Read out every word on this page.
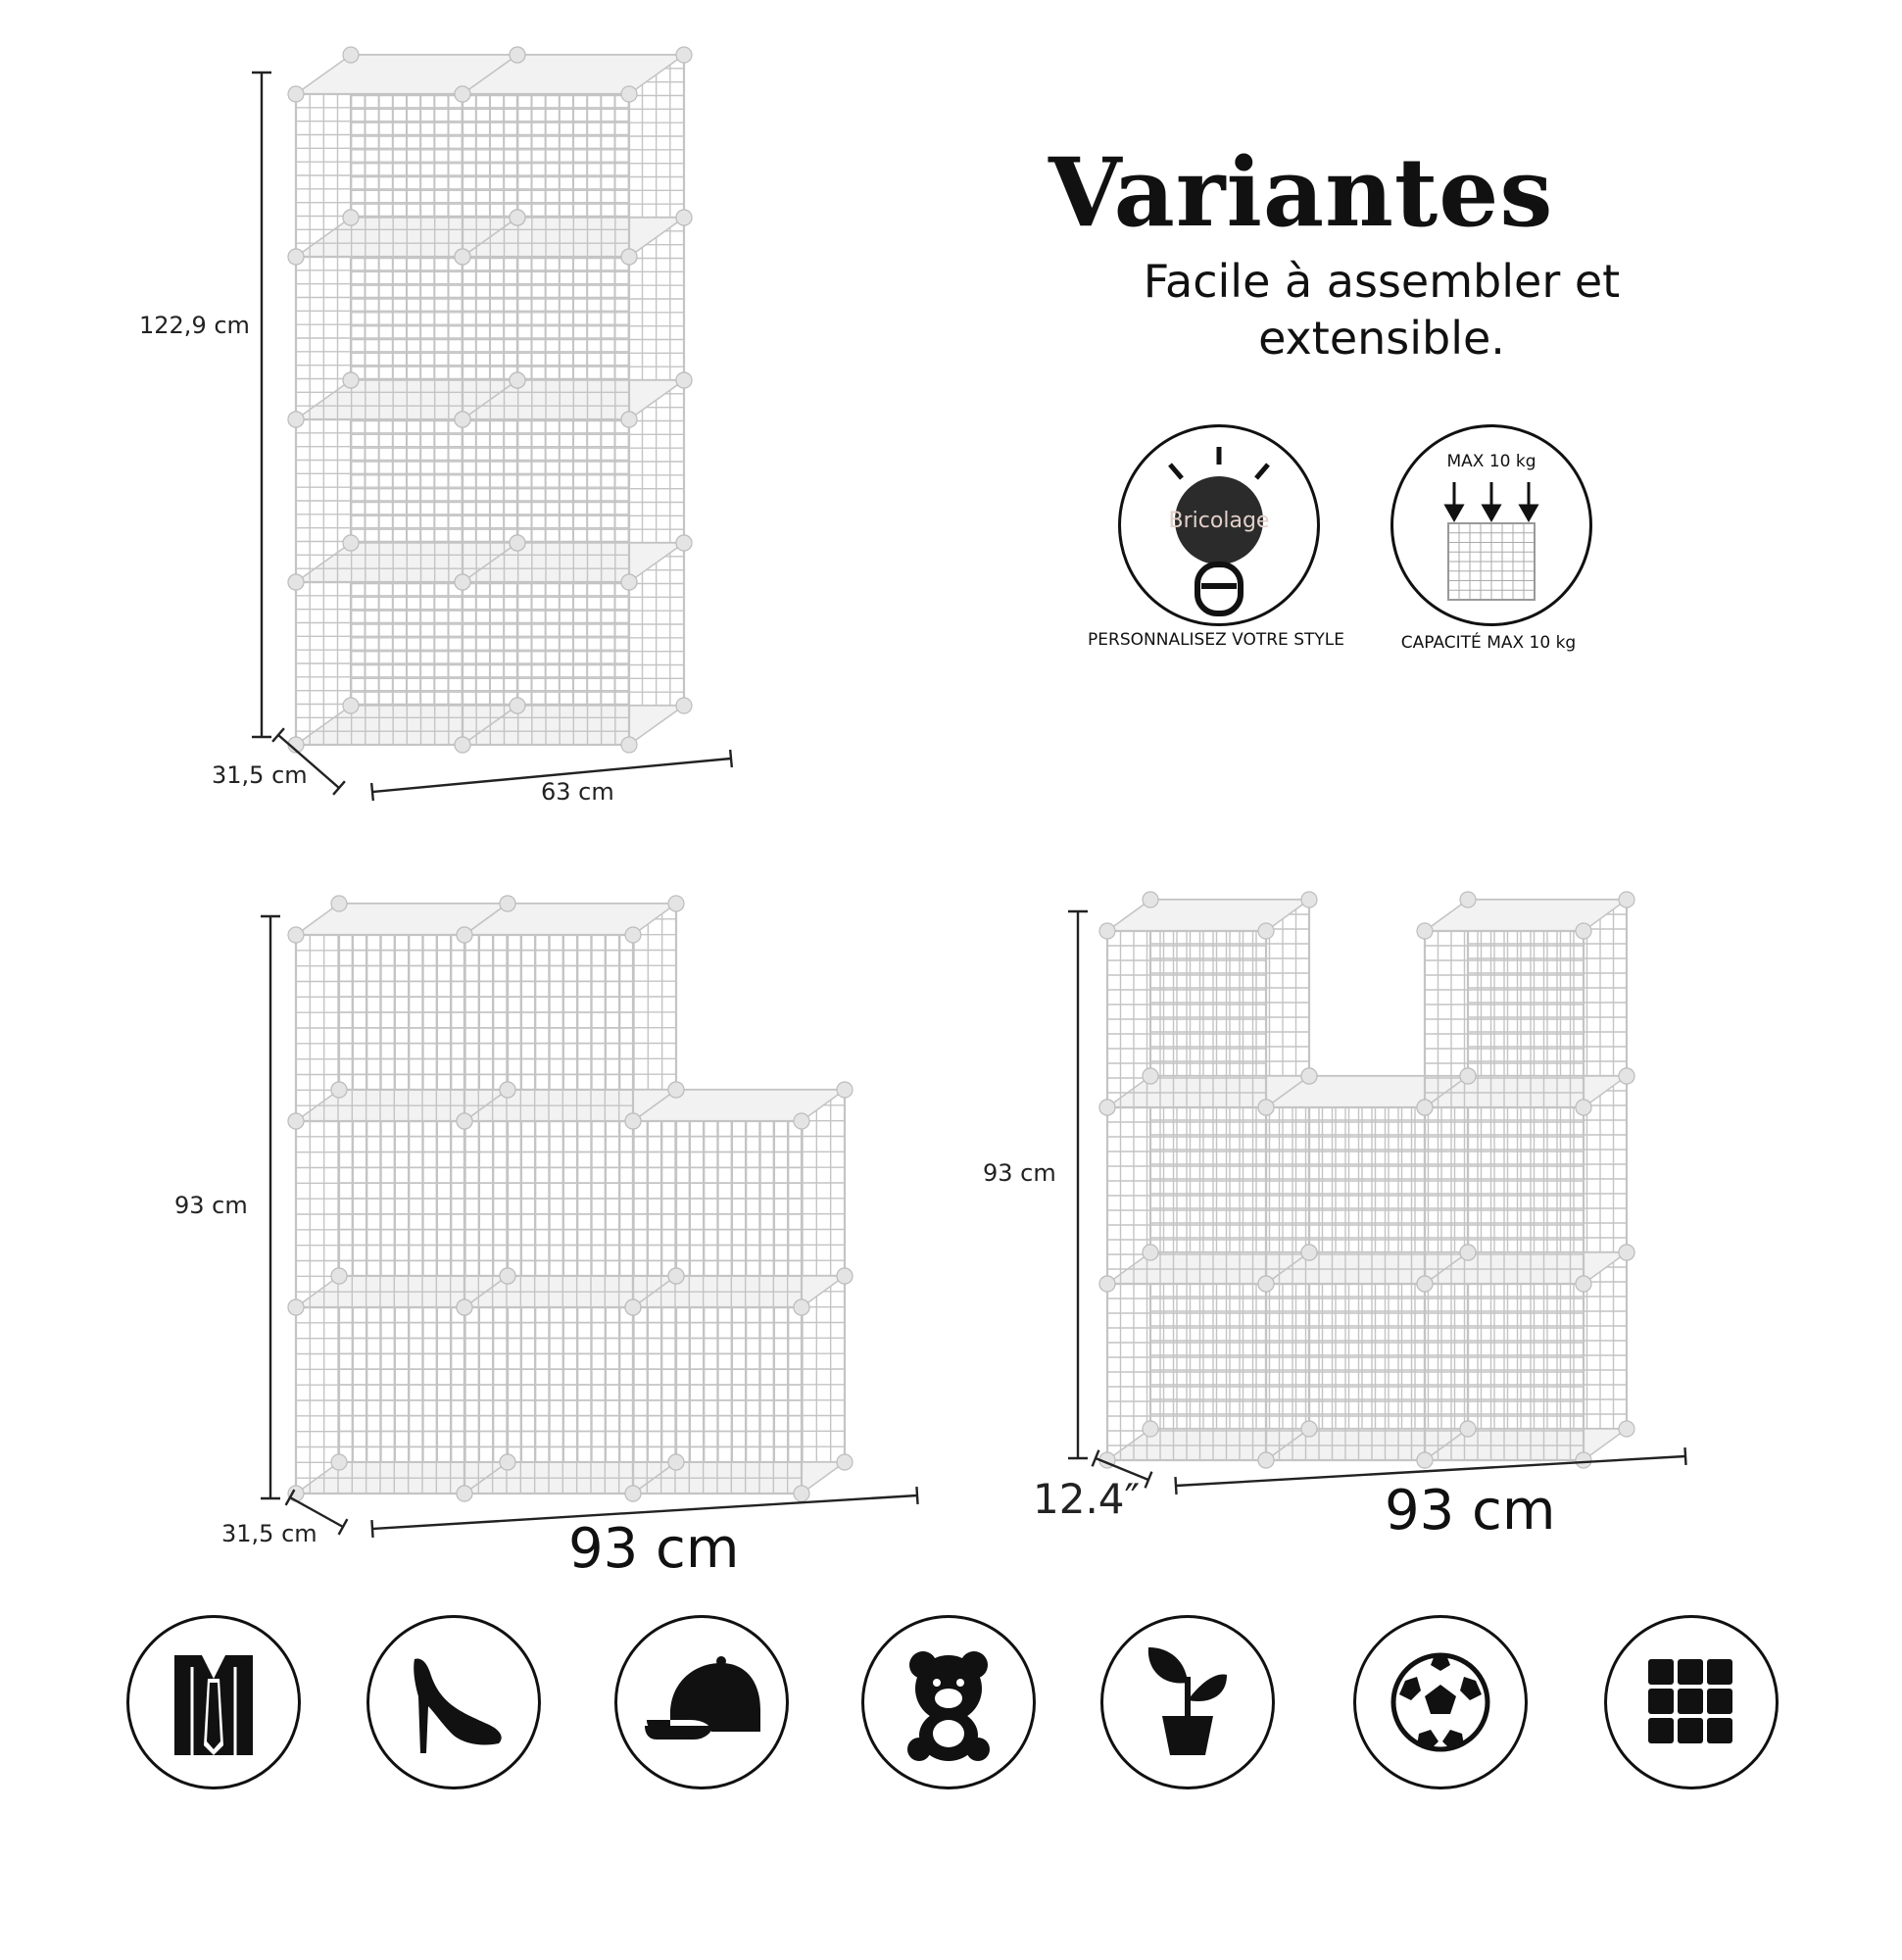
Variantes
Facile à assembler et
extensible.
Bricolage
PERSONNALISEZ VOTRE STYLE
MAX 10 kg
CAPACITÉ MAX 10 kg
122,9 cm
31,5 cm
63 cm
93 cm
31,5 cm	93 cm
93 cm
12.4″	93 cm
